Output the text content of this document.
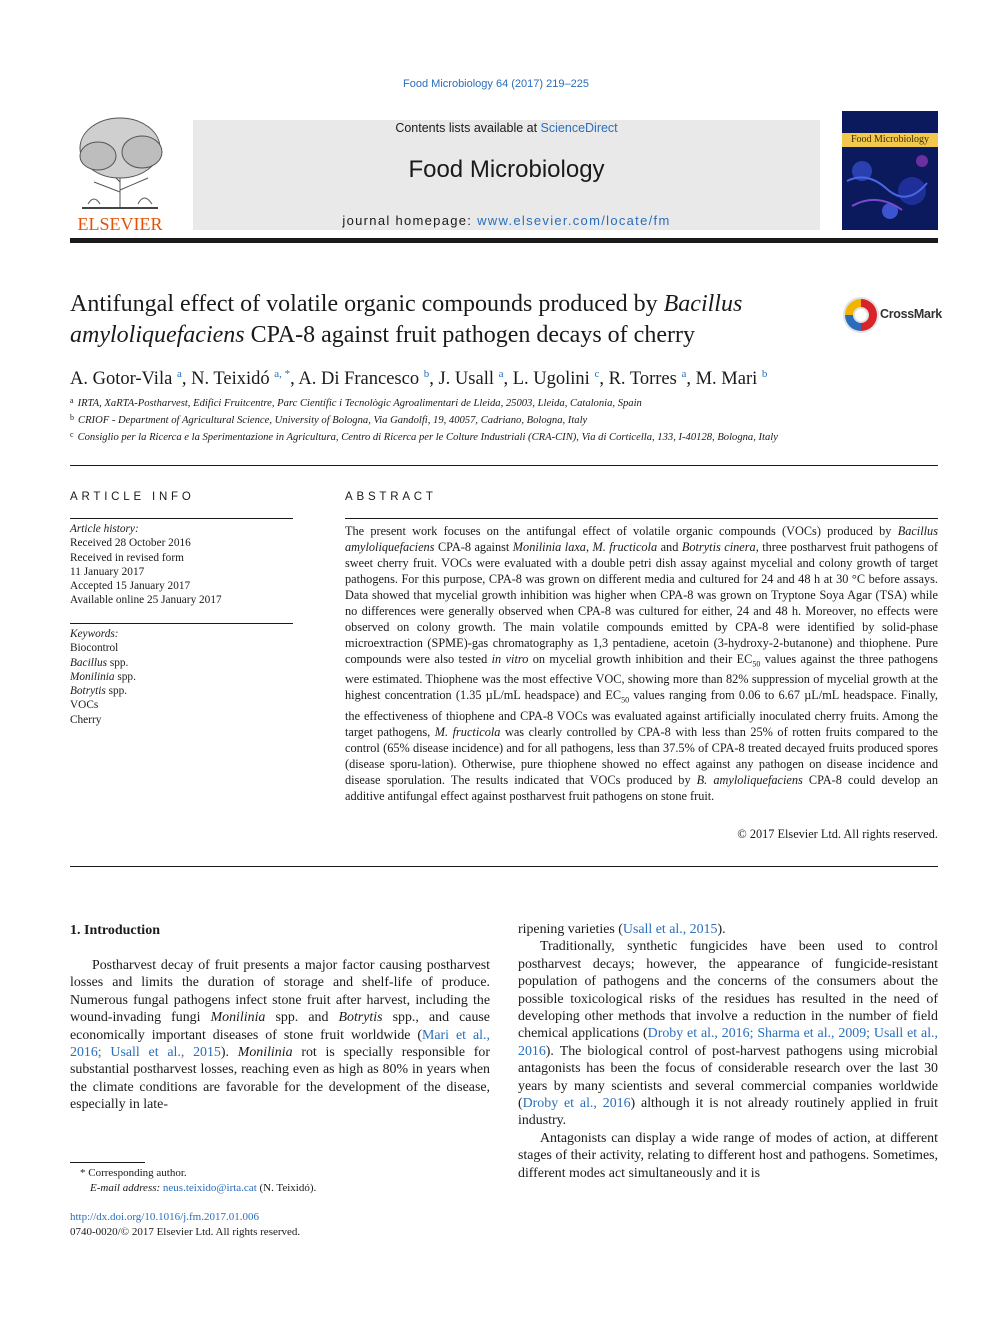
Food Microbiology 64 (2017) 219–225
ELSEVIER
Contents lists available at ScienceDirect
Food Microbiology
journal homepage: www.elsevier.com/locate/fm
Food Microbiology
Antifungal effect of volatile organic compounds produced by Bacillus amyloliquefaciens CPA-8 against fruit pathogen decays of cherry
CrossMark
A. Gotor-Vila $^a$, N. Teixidó $^{a, *}$, A. Di Francesco $^b$, J. Usall $^a$, L. Ugolini $^c$, R. Torres $^a$, M. Mari $^b$
$^a$ IRTA, XaRTA-Postharvest, Edifici Fruitcentre, Parc Científic i Tecnològic Agroalimentari de Lleida, 25003, Lleida, Catalonia, Spain
$^b$ CRIOF - Department of Agricultural Science, University of Bologna, Via Gandolfi, 19, 40057, Cadriano, Bologna, Italy
$^c$ Consiglio per la Ricerca e la Sperimentazione in Agricultura, Centro di Ricerca per le Colture Industriali (CRA-CIN), Via di Corticella, 133, I-40128, Bologna, Italy
ARTICLE INFO
Article history:
Received 28 October 2016
Received in revised form
11 January 2017
Accepted 15 January 2017
Available online 25 January 2017
Keywords:
Biocontrol
Bacillus spp.
Monilinia spp.
Botrytis spp.
VOCs
Cherry
ABSTRACT
The present work focuses on the antifungal effect of volatile organic compounds (VOCs) produced by Bacillus amyloliquefaciens CPA-8 against Monilinia laxa, M. fructicola and Botrytis cinera, three postharvest fruit pathogens of sweet cherry fruit. VOCs were evaluated with a double petri dish assay against mycelial and colony growth of target pathogens. For this purpose, CPA-8 was grown on different media and cultured for 24 and 48 h at 30 °C before assays. Data showed that mycelial growth inhibition was higher when CPA-8 was grown on Tryptone Soya Agar (TSA) while no differences were generally observed when CPA-8 was cultured for either, 24 and 48 h. Moreover, no effects were observed on colony growth. The main volatile compounds emitted by CPA-8 were identified by solid-phase microextraction (SPME)-gas chromatography as 1,3 pentadiene, acetoin (3-hydroxy-2-butanone) and thiophene. Pure compounds were also tested in vitro on mycelial growth inhibition and their $EC_{50}$ values against the three pathogens were estimated. Thiophene was the most effective VOC, showing more than 82% suppression of mycelial growth at the highest concentration (1.35 µL/mL headspace) and $EC_{50}$ values ranging from 0.06 to 6.67 µL/mL headspace. Finally, the effectiveness of thiophene and CPA-8 VOCs was evaluated against artificially inoculated cherry fruits. Among the target pathogens, M. fructicola was clearly controlled by CPA-8 with less than 25% of rotten fruits compared to the control (65% disease incidence) and for all pathogens, less than 37.5% of CPA-8 treated decayed fruits produced spores (disease sporu-lation). Otherwise, pure thiophene showed no effect against any pathogen on disease incidence and disease sporulation. The results indicated that VOCs produced by B. amyloliquefaciens CPA-8 could develop an additive antifungal effect against postharvest fruit pathogens on stone fruit.
© 2017 Elsevier Ltd. All rights reserved.
1. Introduction

Postharvest decay of fruit presents a major factor causing postharvest losses and limits the duration of storage and shelf-life of produce. Numerous fungal pathogens infect stone fruit after harvest, including the wound-invading fungi Monilinia spp. and Botrytis spp., and cause economically important diseases of stone fruit worldwide (Mari et al., 2016; Usall et al., 2015). Monilinia rot is specially responsible for substantial postharvest losses, reaching even as high as 80% in years when the climate conditions are favorable for the development of the disease, especially in late-

ripening varieties (Usall et al., 2015).

Traditionally, synthetic fungicides have been used to control postharvest decays; however, the appearance of fungicide-resistant population of pathogens and the concerns of the consumers about the possible toxicological risks of the residues has resulted in the need of developing other methods that involve a reduction in the number of field chemical applications (Droby et al., 2016; Sharma et al., 2009; Usall et al., 2016). The biological control of post-harvest pathogens using microbial antagonists has been the focus of considerable research over the last 30 years by many scientists and several commercial companies worldwide (Droby et al., 2016) although it is not already routinely applied in fruit industry.

Antagonists can display a wide range of modes of action, at different stages of their activity, relating to different host and pathogens. Sometimes, different modes act simultaneously and it is

* Corresponding author.
E-mail address: neus.teixido@irta.cat (N. Teixidó).
http://dx.doi.org/10.1016/j.fm.2017.01.006
0740-0020/© 2017 Elsevier Ltd. All rights reserved.
